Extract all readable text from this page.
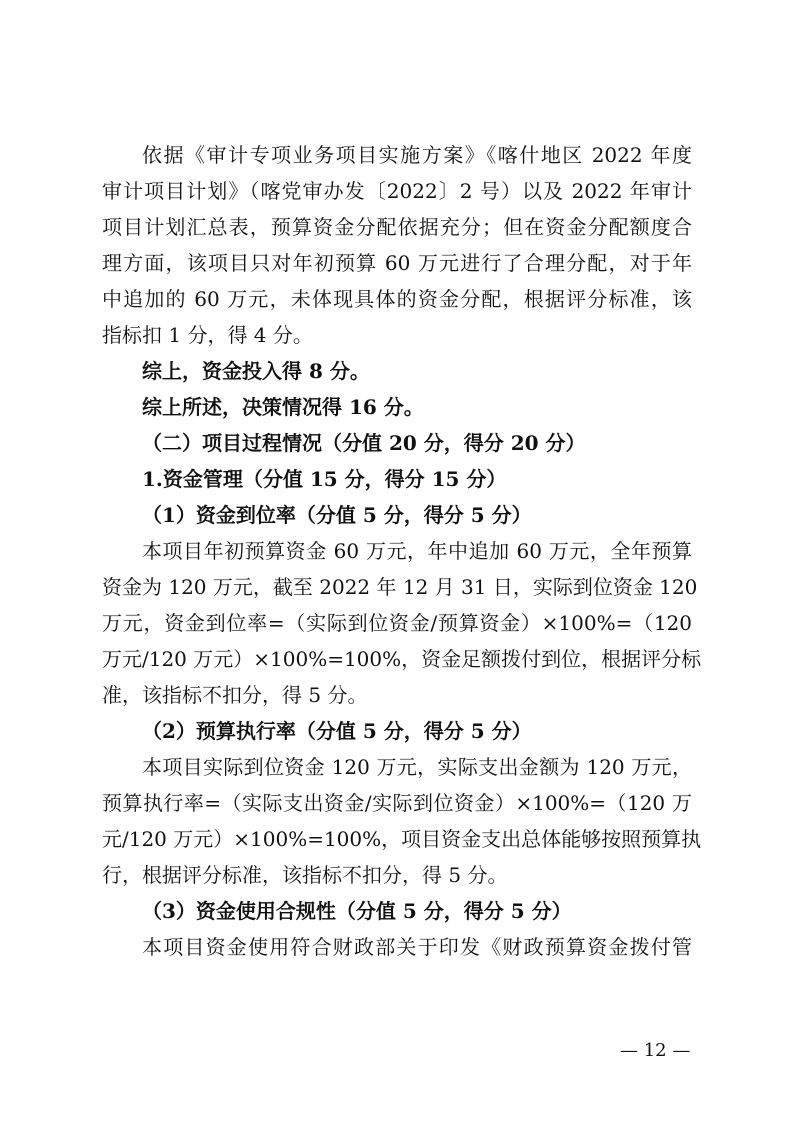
依据《审计专项业务项目实施方案》《喀什地区 2022 年度
审计项目计划》（喀党审办发〔2022〕2 号）以及 2022 年审计
项目计划汇总表，预算资金分配依据充分；但在资金分配额度合
理方面，该项目只对年初预算 60 万元进行了合理分配，对于年
中追加的 60 万元，未体现具体的资金分配，根据评分标准，该
指标扣 1 分，得 4 分。
综上，资金投入得 8 分。
综上所述，决策情况得 16 分。
（二）项目过程情况（分值 20 分，得分 20 分）
1.资金管理（分值 15 分，得分 15 分）
（1）资金到位率（分值 5 分，得分 5 分）
本项目年初预算资金 60 万元，年中追加 60 万元，全年预算
资金为 120 万元，截至 2022 年 12 月 31 日，实际到位资金 120
万元，资金到位率=（实际到位资金/预算资金）×100%=（120
万元/120 万元）×100%=100%，资金足额拨付到位，根据评分标
准，该指标不扣分，得 5 分。
（2）预算执行率（分值 5 分，得分 5 分）
本项目实际到位资金 120 万元，实际支出金额为 120 万元，
预算执行率=（实际支出资金/实际到位资金）×100%=（120 万
元/120 万元）×100%=100%，项目资金支出总体能够按照预算执
行，根据评分标准，该指标不扣分，得 5 分。
（3）资金使用合规性（分值 5 分，得分 5 分）
本项目资金使用符合财政部关于印发《财政预算资金拨付管
— 12 —
